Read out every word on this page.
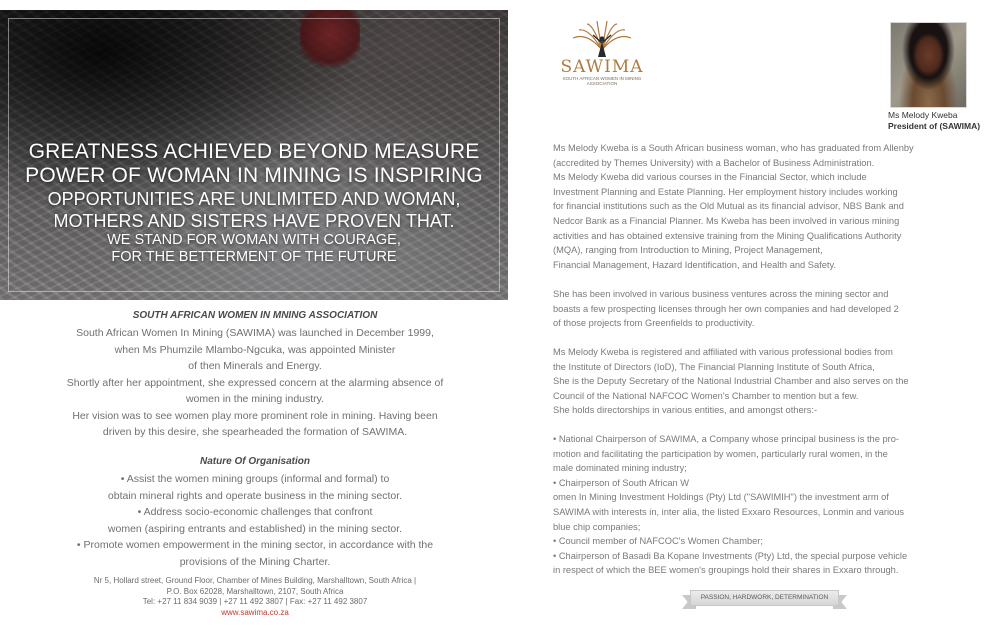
GREATNESS ACHIEVED BEYOND MEASURE
POWER OF WOMAN IN MINING IS INSPIRING
OPPORTUNITIES ARE UNLIMITED AND WOMAN,
MOTHERS AND SISTERS HAVE PROVEN THAT.
WE STAND FOR WOMAN WITH COURAGE,
FOR THE BETTERMENT OF THE FUTURE
SOUTH AFRICAN WOMEN IN MNING ASSOCIATION
South African Women In Mining (SAWIMA) was launched in December 1999,
when Ms Phumzile Mlambo-Ngcuka, was appointed Minister
of then Minerals and Energy.
Shortly after her appointment, she expressed concern at the alarming absence of
women in the mining industry.
Her vision was to see women play more prominent role in mining. Having been
driven by this desire, she spearheaded the formation of SAWIMA.
Nature Of Organisation
• Assist the women mining groups (informal and formal) to
obtain mineral rights and operate business in the mining sector.
• Address socio-economic challenges that confront
women (aspiring entrants and established) in the mining sector.
• Promote women empowerment in the mining sector, in accordance with the
provisions of the Mining Charter.
Nr 5, Hollard street, Ground Floor, Chamber of Mines Building, Marshalltown, South Africa |
P.O. Box 62028, Marshalltown, 2107, South Africa
Tel: +27 11 834 9039 | +27 11 492 3807 | Fax: +27 11 492 3807
www.sawima.co.za
SAWIMA
SOUTH AFRICAN WOMEN IN MINING
ASSOCIATION
Ms Melody Kweba
President of (SAWIMA)
Ms Melody Kweba is a South African business woman, who has graduated from Allenby
(accredited by Themes University) with a Bachelor of Business Administration.
Ms Melody Kweba did various courses in the Financial Sector, which include
Investment Planning and Estate Planning. Her employment history includes working
for financial institutions such as the Old Mutual as its financial advisor, NBS Bank and
Nedcor Bank as a Financial Planner. Ms Kweba has been involved in various mining
activities and has obtained extensive training from the Mining Qualifications Authority
(MQA), ranging from Introduction to Mining, Project Management,
Financial Management, Hazard Identification, and Health and Safety.
She has been involved in various business ventures across the mining sector and
boasts a few prospecting licenses through her own companies and had developed 2
of those projects from Greenfields to productivity.
Ms Melody Kweba is registered and affiliated with various professional bodies from
the Institute of Directors (IoD), The Financial Planning Institute of South Africa,
She is the Deputy Secretary of the National Industrial Chamber and also serves on the
Council of the National NAFCOC Women's Chamber to mention but a few.
She holds directorships in various entities, and amongst others:-
• National Chairperson of SAWIMA, a Company whose principal business is the pro-
motion and facilitating the participation by women, particularly rural women, in the
male dominated mining industry;
• Chairperson of South African W
omen In Mining Investment Holdings (Pty) Ltd ("SAWIMIH") the investment arm of
SAWIMA with interests in, inter alia, the listed Exxaro Resources, Lonmin and various
blue chip companies;
• Council member of NAFCOC's Women Chamber;
• Chairperson of Basadi Ba Kopane Investments (Pty) Ltd, the special purpose vehicle
in respect of which the BEE women's groupings hold their shares in Exxaro through.
PASSION, HARDWORK, DETERMINATION
